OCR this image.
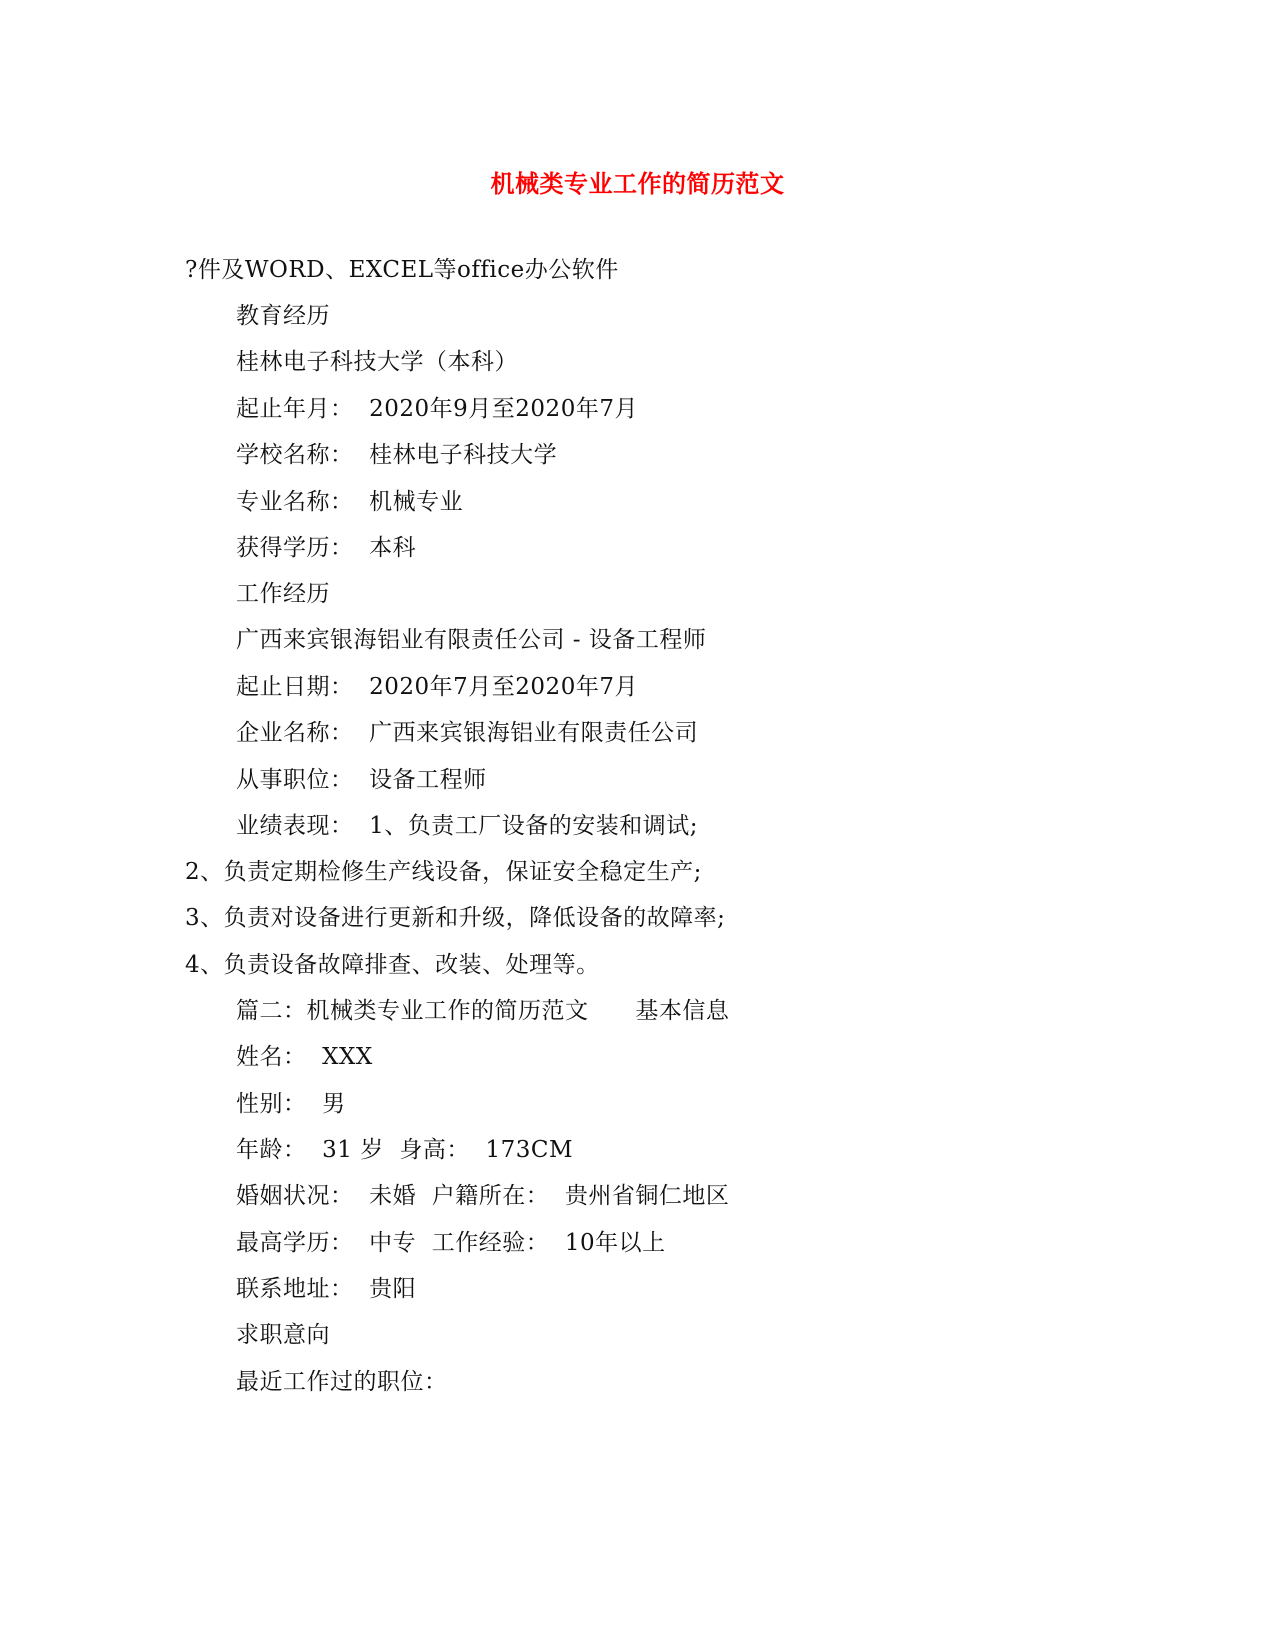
机械类专业工作的简历范文
?件及WORD、EXCEL等office办公软件
教育经历
桂林电子科技大学（本科）
起止年月：  2020年9月至2020年7月
学校名称：  桂林电子科技大学
专业名称：  机械专业
获得学历：  本科
工作经历
广西来宾银海铝业有限责任公司 - 设备工程师
起止日期：  2020年7月至2020年7月
企业名称：  广西来宾银海铝业有限责任公司
从事职位：  设备工程师
业绩表现：  1、负责工厂设备的安装和调试;
2、负责定期检修生产线设备，保证安全稳定生产;
3、负责对设备进行更新和升级，降低设备的故障率;
4、负责设备故障排查、改装、处理等。
篇二：机械类专业工作的简历范文      基本信息
姓名：  XXX
性别：  男
年龄：  31 岁  身高：  173CM
婚姻状况：  未婚  户籍所在：  贵州省铜仁地区
最高学历：  中专  工作经验：  10年以上
联系地址：  贵阳
求职意向
最近工作过的职位：
